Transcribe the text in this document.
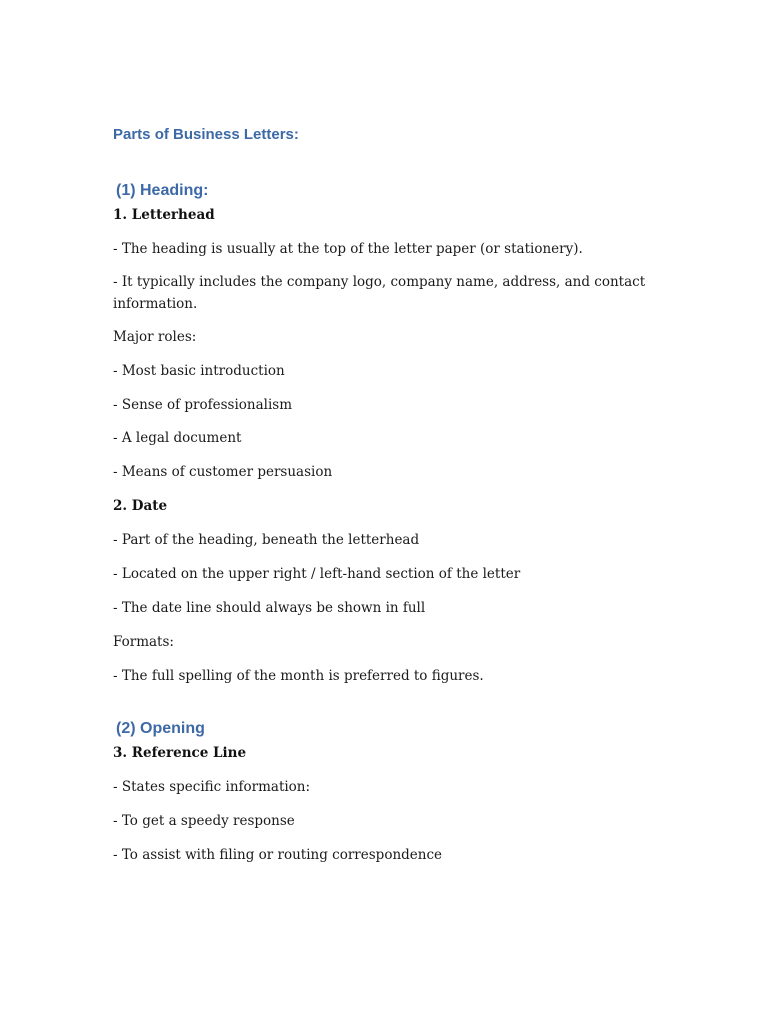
Parts of Business Letters:
(1) Heading:
1. Letterhead
- The heading is usually at the top of the letter paper (or stationery).
- It typically includes the company logo, company name, address, and contact
information.
Major roles:
- Most basic introduction
- Sense of professionalism
- A legal document
- Means of customer persuasion
2. Date
- Part of the heading, beneath the letterhead
- Located on the upper right / left-hand section of the letter
- The date line should always be shown in full
Formats:
- The full spelling of the month is preferred to figures.
(2) Opening
3. Reference Line
- States specific information:
- To get a speedy response
- To assist with filing or routing correspondence
